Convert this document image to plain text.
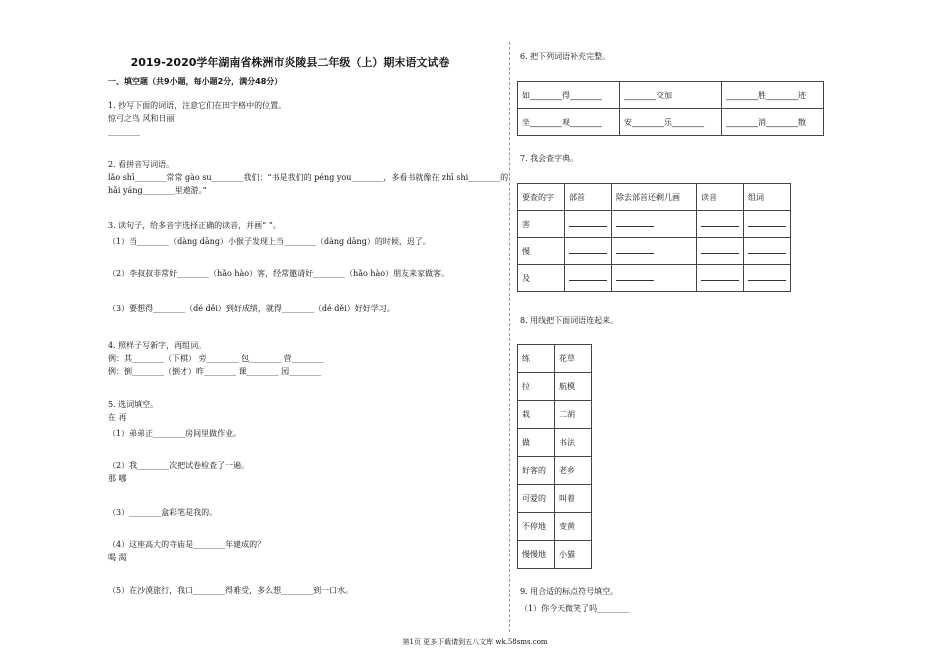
2019-2020学年湖南省株洲市炎陵县二年级（上）期末语文试卷
一、填空题（共9小题，每小题2分，满分48分）
1. 抄写下面的词语，注意它们在田字格中的位置。
惊弓之鸟 风和日丽
________
2. 看拼音写词语。
lǎo shī________常常 gào su________我们：“书是我们的 péng you________，多看书就像在 zhī shi________的
hǎi yáng________里遨游。”
3. 读句子，给多音字选择正确的读音，并画“ ”。
（1）当________（dàng dāng）小猴子发现上当________（dàng dāng）的时候，迟了。
（2）李叔叔非常好________（hǎo hào）客，经常邀请好________（hǎo hào）朋友来家做客。
（3）要想得________（dé děi）到好成绩，就得________（dé děi）好好学习。
4. 照样子写新字，再组词。
例：其________（下棋） 旁________ 包________ 营________
例：倒________（倒才）昨________ 课________ 园________
5. 选词填空。
在 再
（1）弟弟正________房间里做作业。
（2）我________次把试卷检查了一遍。
那 哪
（3）________盒彩笔是我的。
（4）这座高大的寺庙是________年建成的？
喝 渴
（5）在沙漠旅行，我口________得难受，多么想________到一口水。
6. 把下列词语补充完整。
如________得________	________交加	________胜________迹
坐________观________	安________乐________	________消________散
7. 我会查字典。
要查的字	部首	除去部首还剩几画	读音	组词
害				
慢				
及				
8. 用线把下面词语连起来。
练	花草
拉	航模
栽	二胡
做	书法
好客的	老乡
可爱的	叫着
不停地	变黄
慢慢地	小猫
9. 用合适的标点符号填空。
（1）你今天微笑了吗________
第1页 更多下载请到五八文库 wk.58sms.com
